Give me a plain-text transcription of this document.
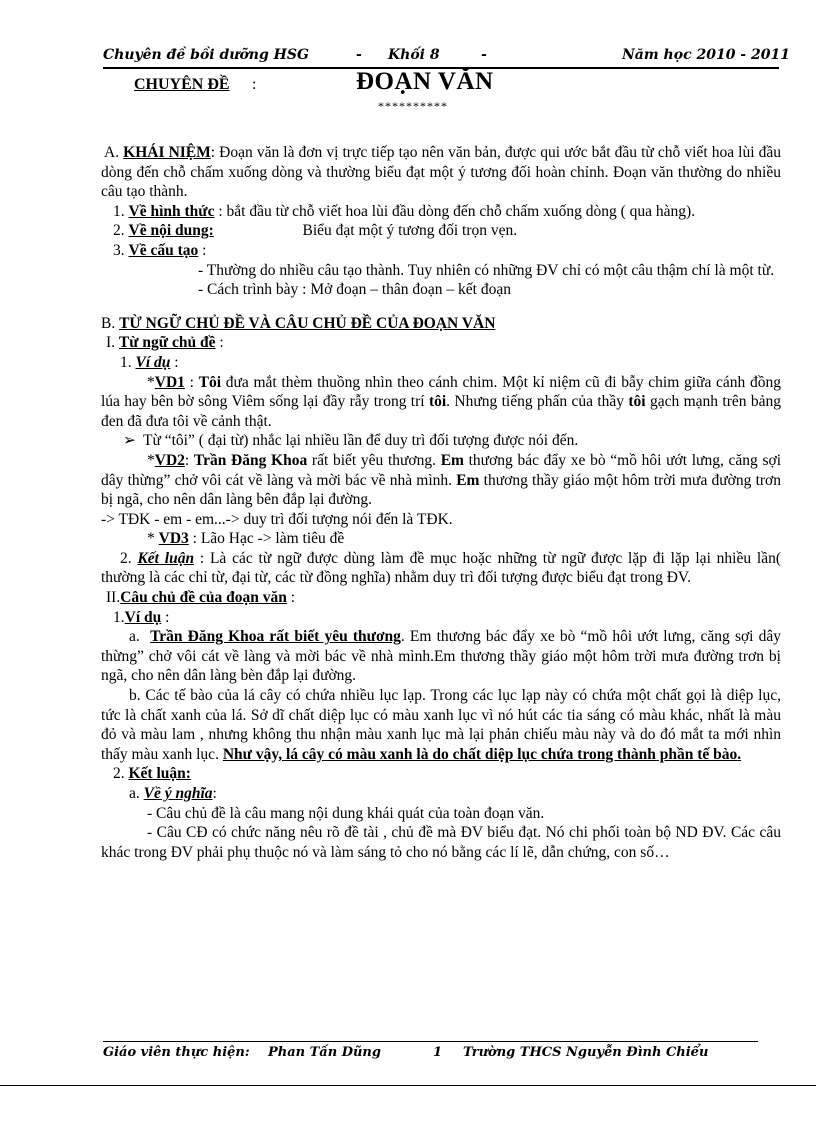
Chuyên đề bồi dưỡng HSG	- Khối 8	-	Năm học 2010 - 2011
CHUYÊN ĐỀ :	ĐOẠN VĂN
**********

A. KHÁI NIỆM: Đoạn văn là đơn vị trực tiếp tạo nên văn bản, được qui ước bắt đầu từ chỗ viết hoa lùi đầu dòng đến chỗ chấm xuống dòng và thường biểu đạt một ý tương đối hoàn chỉnh. Đoạn văn thường do nhiều câu tạo thành.

1. Về hình thức : bắt đầu từ chỗ viết hoa lùi đầu dòng đến chỗ chấm xuống dòng ( qua hàng).

2. Về nội dung:	Biểu đạt một ý tương đối trọn vẹn.

3. Về cấu tạo :

- Thường do nhiều câu tạo thành. Tuy nhiên có những ĐV chỉ có một câu thậm chí là một từ.

- Cách trình bày : Mở đoạn – thân đoạn – kết đoạn

B. TỪ NGỮ CHỦ ĐỀ VÀ CÂU CHỦ ĐỀ CỦA ĐOẠN VĂN

I. Từ ngữ chủ đề :

1. Ví dụ :

*VD1 : Tôi đưa mắt thèm thuồng nhìn theo cánh chim. Một kỉ niệm cũ đi bẫy chim giữa cánh đồng lúa hay bên bờ sông Viêm sống lại đầy rẫy trong trí tôi. Nhưng tiếng phấn của thầy tôi gạch mạnh trên bảng đen đã đưa tôi về cảnh thật.

➢ Từ “tôi” ( đại từ) nhắc lại nhiều lần để duy trì đối tượng được nói đến.

*VD2: Trần Đăng Khoa rất biết yêu thương. Em thương bác đẩy xe bò “mồ hôi ướt lưng, căng sợi dây thừng” chở vôi cát về làng và mời bác về nhà mình. Em thương thầy giáo một hôm trời mưa đường trơn bị ngã, cho nên dân làng bên đắp lại đường.

-> TĐK - em - em...-> duy trì đối tượng nói đến là TĐK.

* VD3 : Lão Hạc -> làm tiêu đề

2. Kết luận : Là các từ ngữ được dùng làm đề mục hoặc những từ ngữ được lặp đi lặp lại nhiều lần( thường là các chỉ từ, đại từ, các từ đồng nghĩa) nhằm duy trì đối tượng được biểu đạt trong ĐV.

II.Câu chủ đề của đoạn văn :

1.Ví dụ :

a. Trần Đăng Khoa rất biết yêu thương. Em thương bác đẩy xe bò “mồ hôi ướt lưng, căng sợi dây thừng” chở vôi cát về làng và mời bác về nhà mình.Em thương thầy giáo một hôm trời mưa đường trơn bị ngã, cho nên dân làng bèn đắp lại đường.

b. Các tế bào của lá cây có chứa nhiều lục lạp. Trong các lục lạp này có chứa một chất gọi là diệp lục, tức là chất xanh của lá. Sở dĩ chất diệp lục có màu xanh lục vì nó hút các tia sáng có màu khác, nhất là màu đỏ và màu lam , nhưng không thu nhận màu xanh lục mà lại phản chiếu màu này và do đó mắt ta mới nhìn thấy màu xanh lục. Như vậy, lá cây có màu xanh là do chất diệp lục chứa trong thành phần tế bào.

2. Kết luận:

a. Về ý nghĩa:

- Câu chủ đề là câu mang nội dung khái quát của toàn đoạn văn.

- Câu CĐ có chức năng nêu rõ đề tài , chủ đề mà ĐV biểu đạt. Nó chi phối toàn bộ ND ĐV. Các câu khác trong ĐV phải phụ thuộc nó và làm sáng tỏ cho nó bằng các lí lẽ, dẫn chứng, con số…

Giáo viên thực hiện: Phan Tấn Dũng	1 Trường THCS Nguyễn Đình Chiểu
